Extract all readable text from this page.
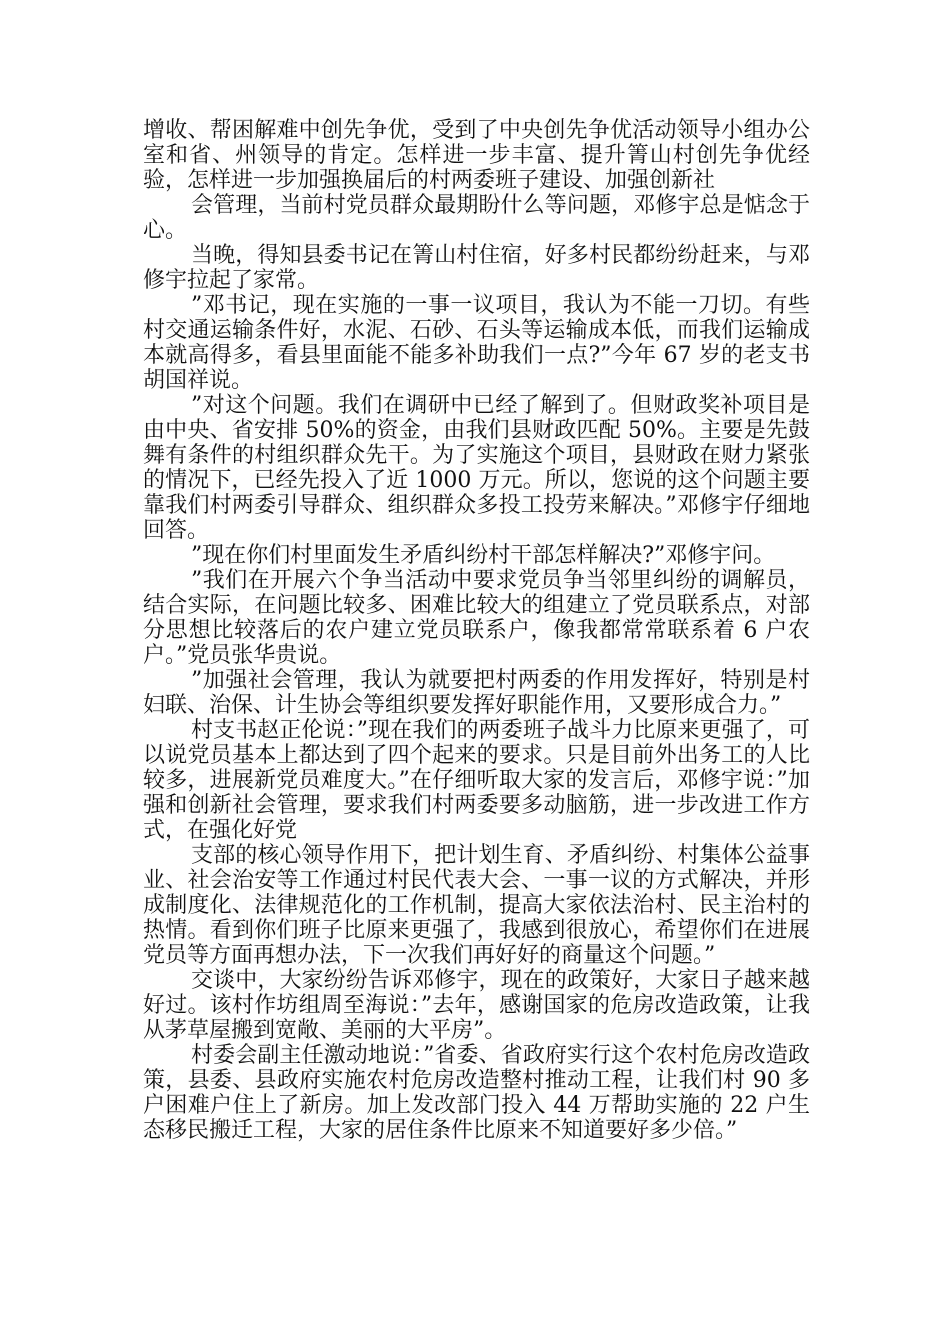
增收、帮困解难中创先争优，受到了中央创先争优活动领导小组办公室和省、州领导的肯定。怎样进一步丰富、提升箐山村创先争优经验，怎样进一步加强换届后的村两委班子建设、加强创新社

会管理，当前村党员群众最期盼什么等问题，邓修宇总是惦念于心。

当晚，得知县委书记在箐山村住宿，好多村民都纷纷赶来，与邓修宇拉起了家常。

”邓书记，现在实施的一事一议项目，我认为不能一刀切。有些村交通运输条件好，水泥、石砂、石头等运输成本低，而我们运输成本就高得多，看县里面能不能多补助我们一点?”今年 67 岁的老支书胡国祥说。

”对这个问题。我们在调研中已经了解到了。但财政奖补项目是由中央、省安排 50%的资金，由我们县财政匹配 50%。主要是先鼓舞有条件的村组织群众先干。为了实施这个项目，县财政在财力紧张的情况下，已经先投入了近 1000 万元。所以，您说的这个问题主要靠我们村两委引导群众、组织群众多投工投劳来解决。”邓修宇仔细地回答。

”现在你们村里面发生矛盾纠纷村干部怎样解决?”邓修宇问。

”我们在开展六个争当活动中要求党员争当邻里纠纷的调解员，结合实际，在问题比较多、困难比较大的组建立了党员联系点，对部分思想比较落后的农户建立党员联系户，像我都常常联系着 6 户农户。”党员张华贵说。

”加强社会管理，我认为就要把村两委的作用发挥好，特别是村妇联、治保、计生协会等组织要发挥好职能作用，又要形成合力。”

村支书赵正伦说：”现在我们的两委班子战斗力比原来更强了，可以说党员基本上都达到了四个起来的要求。只是目前外出务工的人比较多，进展新党员难度大。”在仔细听取大家的发言后，邓修宇说：”加强和创新社会管理，要求我们村两委要多动脑筋，进一步改进工作方式，在强化好党

支部的核心领导作用下，把计划生育、矛盾纠纷、村集体公益事业、社会治安等工作通过村民代表大会、一事一议的方式解决，并形成制度化、法律规范化的工作机制，提高大家依法治村、民主治村的热情。看到你们班子比原来更强了，我感到很放心，希望你们在进展党员等方面再想办法，下一次我们再好好的商量这个问题。”

交谈中，大家纷纷告诉邓修宇，现在的政策好，大家日子越来越好过。该村作坊组周至海说：”去年，感谢国家的危房改造政策，让我从茅草屋搬到宽敞、美丽的大平房”。

村委会副主任激动地说：”省委、省政府实行这个农村危房改造政策，县委、县政府实施农村危房改造整村推动工程，让我们村 90 多户困难户住上了新房。加上发改部门投入 44 万帮助实施的 22 户生态移民搬迁工程，大家的居住条件比原来不知道要好多少倍。”
